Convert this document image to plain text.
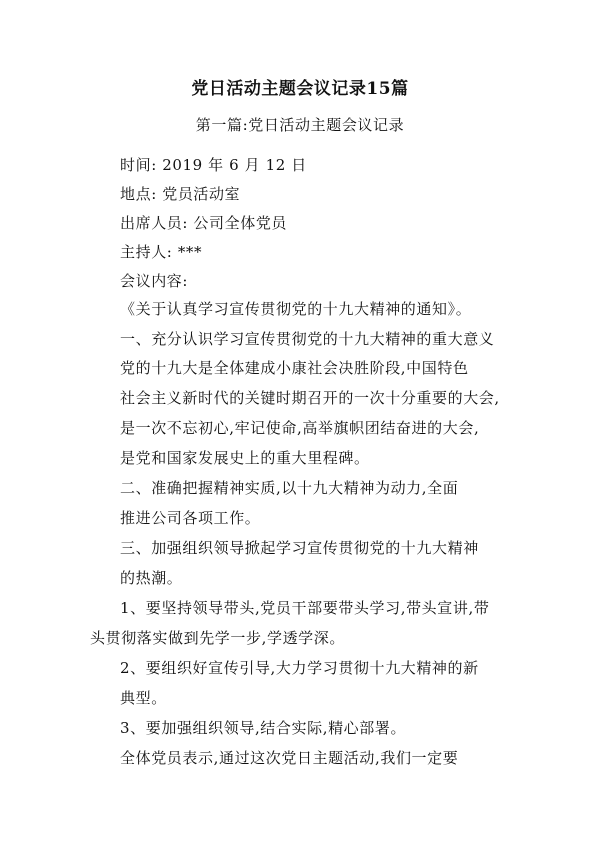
党日活动主题会议记录15篇
第一篇:党日活动主题会议记录
时间: 2019 年 6 月 12 日
地点: 党员活动室
出席人员: 公司全体党员
主持人: ***
会议内容:
《关于认真学习宣传贯彻党的十九大精神的通知》。
一、充分认识学习宣传贯彻党的十九大精神的重大意义
党的十九大是全体建成小康社会决胜阶段,中国特色
社会主义新时代的关键时期召开的一次十分重要的大会,
是一次不忘初心,牢记使命,高举旗帜团结奋进的大会,
是党和国家发展史上的重大里程碑。
二、准确把握精神实质,以十九大精神为动力,全面
推进公司各项工作。
三、加强组织领导掀起学习宣传贯彻党的十九大精神
的热潮。
1、要坚持领导带头,党员干部要带头学习,带头宣讲,带
头贯彻落实做到先学一步,学透学深。
2、要组织好宣传引导,大力学习贯彻十九大精神的新
典型。
3、要加强组织领导,结合实际,精心部署。
全体党员表示,通过这次党日主题活动,我们一定要
